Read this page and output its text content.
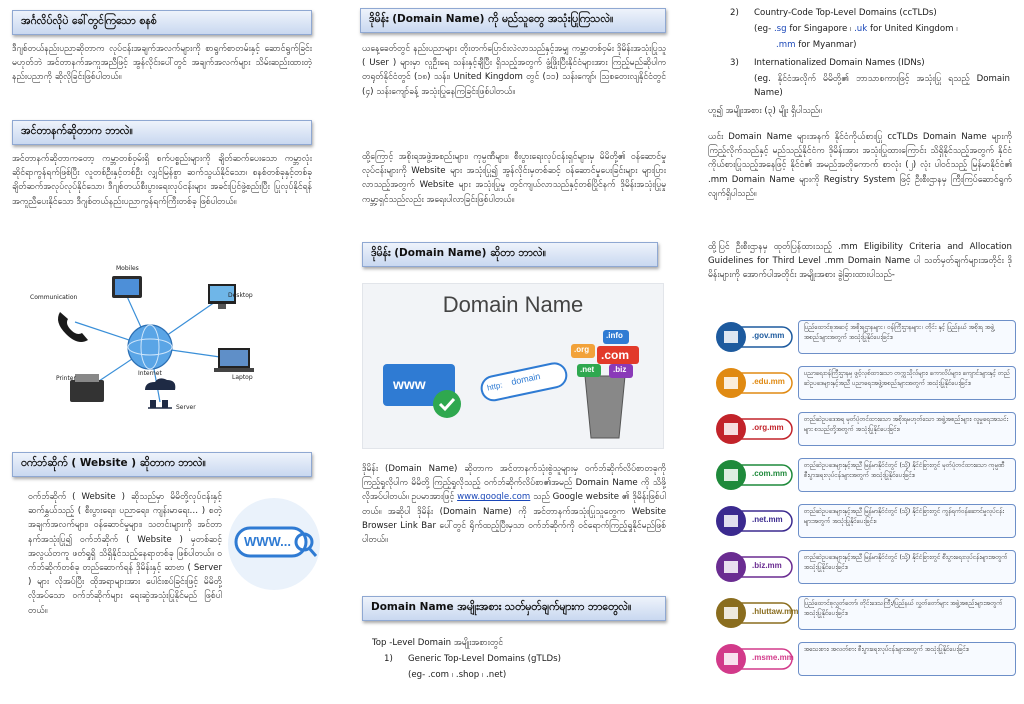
အင်္ဂလိပ်လိုပဲ ခေါ်တွင်ကြသော စနစ်
ဒီဂျစ်တယ်နည်းပညာဆိုတာက လုပ်ငန်းအချက်အလက်များကို စာရွက်စာတမ်းနှင့် ဆောင်ရွက်ခြင်းမဟုတ်ဘဲ အင်တာနက်အကူအညီဖြင့် အွန်လိုင်းပေါ်တွင် အချက်အလက်များ သိမ်းဆည်းထားတဲ့ နည်းပညာကို ဆိုလိုခြင်းဖြစ်ပါတယ်။
အင်တာနက်ဆိုတာက ဘာလဲ။
အင်တာနက်ဆိုတာကတော့ ကမ္ဘာတစ်ဝှမ်းရှိ စက်ပစ္စည်းများကို ချိတ်ဆက်ပေးသော ကမ္ဘာလုံးဆိုင်ရာကွန်ရက်ဖြစ်ပြီး လူတစ်ဦးနှင့်တစ်ဦး လျှင်မြန်စွာ ဆက်သွယ်နိုင်သော၊ စနစ်တစ်ခုနှင့်တစ်ခု ချိတ်ဆက်အလုပ်လုပ်နိုင်သော၊ ဒီဂျစ်တယ်စီးပွားရေးလုပ်ငန်းများ အခင်းပြင်ဖွဲ့စည်းပြီး ပြုလုပ်နိုင်ရန် အကူညီပေးနိုင်သော ဒီဂျစ်တယ်နည်းပညာကွန်ရက်ကြီးတစ်ခု ဖြစ်ပါတယ်။
Mobiles
Desktop
Communication
Internet
Printer	Laptop
Server
ဝက်ဘ်ဆိုက် ( Website ) ဆိုတာက ဘာလဲ။
ဝက်ဘ်ဆိုက် ( Website ) ဆိုသည်မှာ မိမိတို့လုပ်ငန်းနှင့်ဆက်နွှယ်သည့် ( စီးပွားရေး၊ ပညာရေး၊ ကျန်းမာရေး… ) စတဲ့ အချက်အလက်များ၊ ဝန်ဆောင်မှုများ၊ သတင်းများကို အင်တာနက်အသုံးပြု၍ ဝက်ဘ်ဆိုက် ( Website ) မှတစ်ဆင့် အလွယ်တကူ ဖတ်ရှုရှိ သိရှိနိုင်သည့်နေရာတစ်ခု ဖြစ်ပါတယ်။ ဝက်ဘ်ဆိုက်တစ်ခု တည်ဆောက်ရန် ဒိုမိန်းနှင့် ဆာဗာ ( Server ) များ လိုအပ်ပြီး ထိုအရာများအား ပေါင်းစပ်ခြင်းဖြင့် မိမိတို့လိုအပ်သော ဝက်ဘ်ဆိုက်များ ရေးဆွဲအသုံးပြုနိုင်မည် ဖြစ်ပါတယ်။
WWW...
ဒိုမိန်း (Domain Name) ကို မည်သူတွေ အသုံးပြုကြသလဲ။
ယနေ့ခေတ်တွင် နည်းပညာများ တိုးတက်ပြောင်းလဲလာသည်နှင့်အမျှ ကမ္ဘာတစ်ဝှမ်း ဒိုမိန်းအသုံးပြုသူ ( User ) များမှာ လူဦးရေ သန်းနှင့်ချီပြီး ရှိသည့်အတွက် ဖွံ့ဖြိုးပြီးနိုင်ငံများအား ကြည့်မည်ဆိုပါက တရုတ်နိုင်ငံတွင် (၁၈) သန်း၊ United Kingdom တွင် (၁၁) သန်းကျော်၊ ဩစတေးလျနိုင်ငံတွင် (၄) သန်းကျော်ခန့် အသုံးပြုနေကြခြင်းဖြစ်ပါတယ်။
ထို့ကြောင့် အစိုးရအဖွဲ့အစည်းများ၊ ကုမ္ပဏီများ၊ စီးပွားရေးလုပ်ငန်းရှင်များမှ မိမိတို့၏ ဝန်ဆောင်မှုလုပ်ငန်းများကို Website များ အသုံးပြု၍ အွန်လိုင်းမှတစ်ဆင့် ဝန်ဆောင်မှုပေးခြင်းများ များပြားလာသည့်အတွက် Website များ အသုံးပြုမှု တွင်ကျယ်လာသည်နှင့်တစ်ပြိုင်နက် ဒိုမိန်းအသုံးပြုမှု ကမ္ဘာ့ရှင်သည်လည်း အရေးပါလာခြင်းဖြစ်ပါတယ်။
ဒိုမိန်း (Domain Name) ဆိုတာ ဘာလဲ။
Domain Name
www	domain
http:
.org .com
.info
.net .biz
ဒိုမိန်း (Domain Name) ဆိုတာက အင်တာနက်သုံးစွဲသူများမှ ဝက်ဘ်ဆိုက်လိပ်စာတခုကိုကြည့်ရှုလိုပါက မိမိတို့ ကြည့်ရှုလိုသည့် ဝက်ဘ်ဆိုက်လိပ်စာ၏အမည် Domain Name ကို သိဖို့လိုအပ်ပါတယ်။ ဥပမာအားဖြင့် www.google.com သည် Google website ၏ ဒိုမိန်းဖြစ်ပါတယ်။ အဆိုပါ ဒိုမိန်း (Domain Name) ကို အင်တာနက်အသုံးပြုသူတွေက Website Browser Link Bar ပေါ်တွင် ရိုက်ထည့်ပြီးမှသာ ဝက်ဘ်ဆိုက်ကို ဝင်ရောက်ကြည့်ရှုနိုင်မည်ဖြစ်ပါတယ်။
Domain Name အမျိုးအစား သတ်မှတ်ချက်များက ဘာတွေလဲ။
Top -Level Domain အမျိုးအစားတွင်
1) Generic Top-Level Domains (gTLDs)
(eg- .com ၊ .shop ၊ .net)
2) Country-Code Top-Level Domains (ccTLDs)
(eg- .sg for Singapore ၊ .uk for United Kingdom ၊
.mm for Myanmar)
3) Internationalized Domain Names (IDNs)
(eg. နိုင်ငံအလိုက် မိမိတို့၏ ဘာသာစကားဖြင့် အသုံးပြု ရသည့် Domain Name)
ဟူ၍ အမျိုးအစား (၃) မျိုး ရှိပါသည်။
ယင်း Domain Name များအနက် နိုင်ငံကိုယ်စားပြု ccTLDs Domain Name များကို ကြည့်လိုက်သည်နှင့် မည်သည့်နိုင်ငံက ဒိုမိန်းအား အသုံးပြုထားကြောင်း သိရှိနိုင်သည့်အတွက် နိုင်ငံကိုယ်စားပြုသည့်အနေဖြင့် နိုင်ငံ၏ အမည်အတိုကောက် စာလုံး (၂) လုံး ပါဝင်သည့် မြန်မာနိုင်ငံ၏ .mm Domain Name များကို Registry System ဖြင့် ဦးစီးဌာနမှ ကြီးကြပ်ဆောင်ရွက်လျက်ရှိပါသည်။
ထို့ပြင် ဦးစီးဌာနမှ ထုတ်ပြန်ထားသည့် .mm Eligibility Criteria and Allocation Guidelines for Third Level .mm Domain Name ပါ သတ်မှတ်ချက်များအတိုင်း ဒိုမိန်းများကို အောက်ပါအတိုင်း အမျိုးအစား ခွဲခြားထားပါသည်-
.gov.mm
ပြည်ထောင်စုအဆင့် အစိုးရဌာနများ ၊ ဝန်ကြီးဌာနများ ၊ တိုင်း နှင့် ပြည်နယ် အစိုးရ အဖွဲ့အစည်းများအတွက် အသုံးပြုနိုင်ပေးခြင်း။
.edu.mm
ပညာရေးဝန်ကြီးဌာနမှ ဖွင့်လှစ်ထားသော တက္ကသိုလ်များ၊ ကောလိပ်များ၊ ကျောင်းများနှင့် တည်ဆဲဥပဒေများနှင့်အညီ ပညာရေးအဖွဲ့အစည်းများအတွက် အသုံးပြုနိုင်ပေးခြင်း။
.org.mm
တည်ဆဲဥပဒေအရ မှတ်ပုံတင်ထားသော အစိုးရမဟုတ်သော အဖွဲ့အစည်းများ၊ လူမှုရေးအသင်းများ စသည်တို့အတွက် အသုံးပြုနိုင်ပေးခြင်း။
.com.mm
တည်ဆဲဥပဒေများနှင့်အညီ မြန်မာနိုင်ငံတွင် (သို့) နိုင်ငံခြားတွင် မှတ်ပုံတင်ထားသော ကုမ္ပဏီ စီးပွားရေးလုပ်ငန်းများအတွက် အသုံးပြုနိုင်ပေးခြင်း။
.net.mm
တည်ဆဲဥပဒေများနှင့်အညီ မြန်မာနိုင်ငံတွင် (သို့) နိုင်ငံခြားတွင် ကွန်ရက်ဝန်ဆောင်မှုလုပ်ငန်းများအတွက် အသုံးပြုနိုင်ပေးခြင်း။
.biz.mm
တည်ဆဲဥပဒေများနှင့်အညီ မြန်မာနိုင်ငံတွင် (သို့) နိုင်ငံခြားတွင် စီးပွားရေးလုပ်ငန်းများအတွက် အသုံးပြုနိုင်ပေးခြင်း။
.hluttaw.mm
ပြည်ထောင်စုလွှတ်တော်၊ တိုင်းဒေသကြီး/ပြည်နယ် လွှတ်တော်များ အဖွဲ့အစည်းများအတွက် အသုံးပြုနိုင်ပေးခြင်း။
.msme.mm
အသေးစား၊ အလတ်စား စီးပွားရေးလုပ်ငန်းများအတွက် အသုံးပြုနိုင်ပေးခြင်း။
